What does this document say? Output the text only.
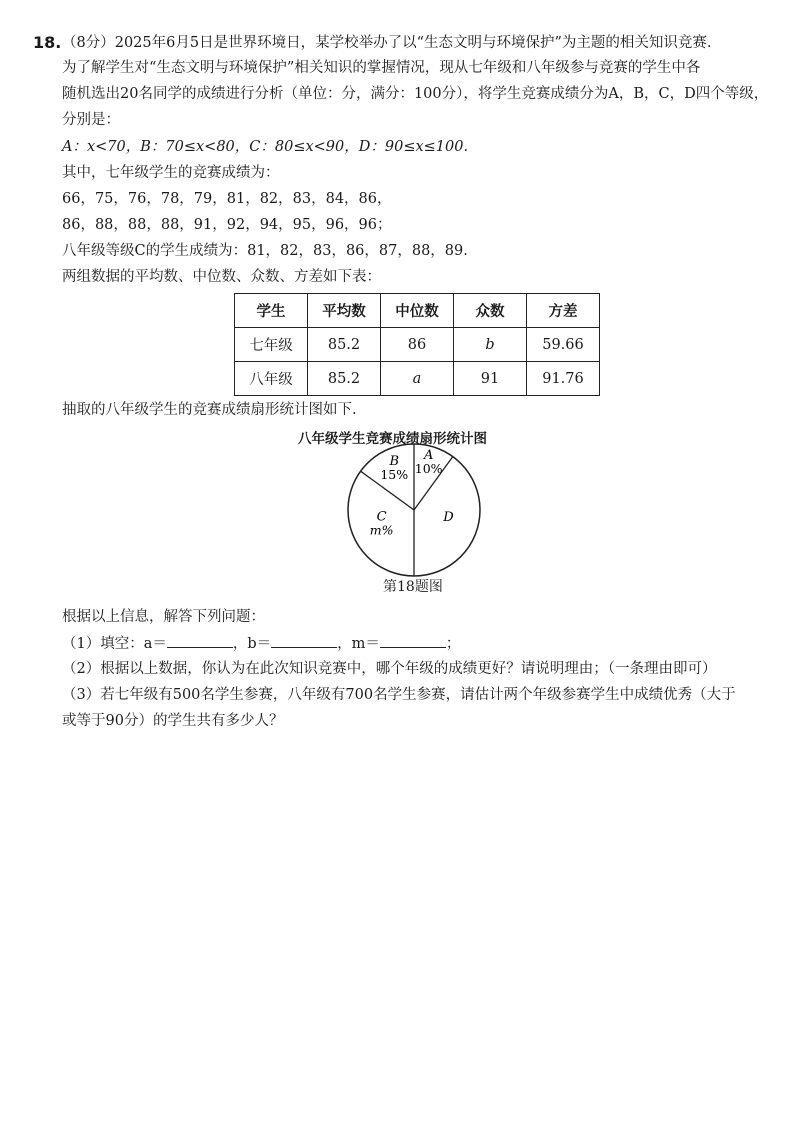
18. （8分）2025年6月5日是世界环境日，某学校举办了以“生态文明与环境保护”为主题的相关知识竞赛.
为了解学生对“生态文明与环境保护”相关知识的掌握情况，现从七年级和八年级参与竞赛的学生中各
随机选出20名同学的成绩进行分析（单位：分，满分：100分），将学生竞赛成绩分为A，B，C，D四个等级，
分别是：
A：x<70，B：70≤x<80，C：80≤x<90，D：90≤x≤100.
其中，七年级学生的竞赛成绩为：
66，75，76，78，79，81，82，83，84，86，
86，88，88，88，91，92，94，95，96，96；
八年级等级C的学生成绩为：81，82，83，86，87，88，89.
两组数据的平均数、中位数、众数、方差如下表：
学生	平均数	中位数	众数	方差
七年级	85.2	86	b	59.66
八年级	85.2	a	91	91.76
抽取的八年级学生的竞赛成绩扇形统计图如下.
八年级学生竞赛成绩扇形统计图
A
10%
D
C
m%
B
15%
第18题图
根据以上信息，解答下列问题：
（1）填空：a＝	，b＝	，m＝	；
（2）根据以上数据，你认为在此次知识竞赛中，哪个年级的成绩更好？请说明理由；（一条理由即可）
（3）若七年级有500名学生参赛，八年级有700名学生参赛，请估计两个年级参赛学生中成绩优秀（大于
或等于90分）的学生共有多少人？
